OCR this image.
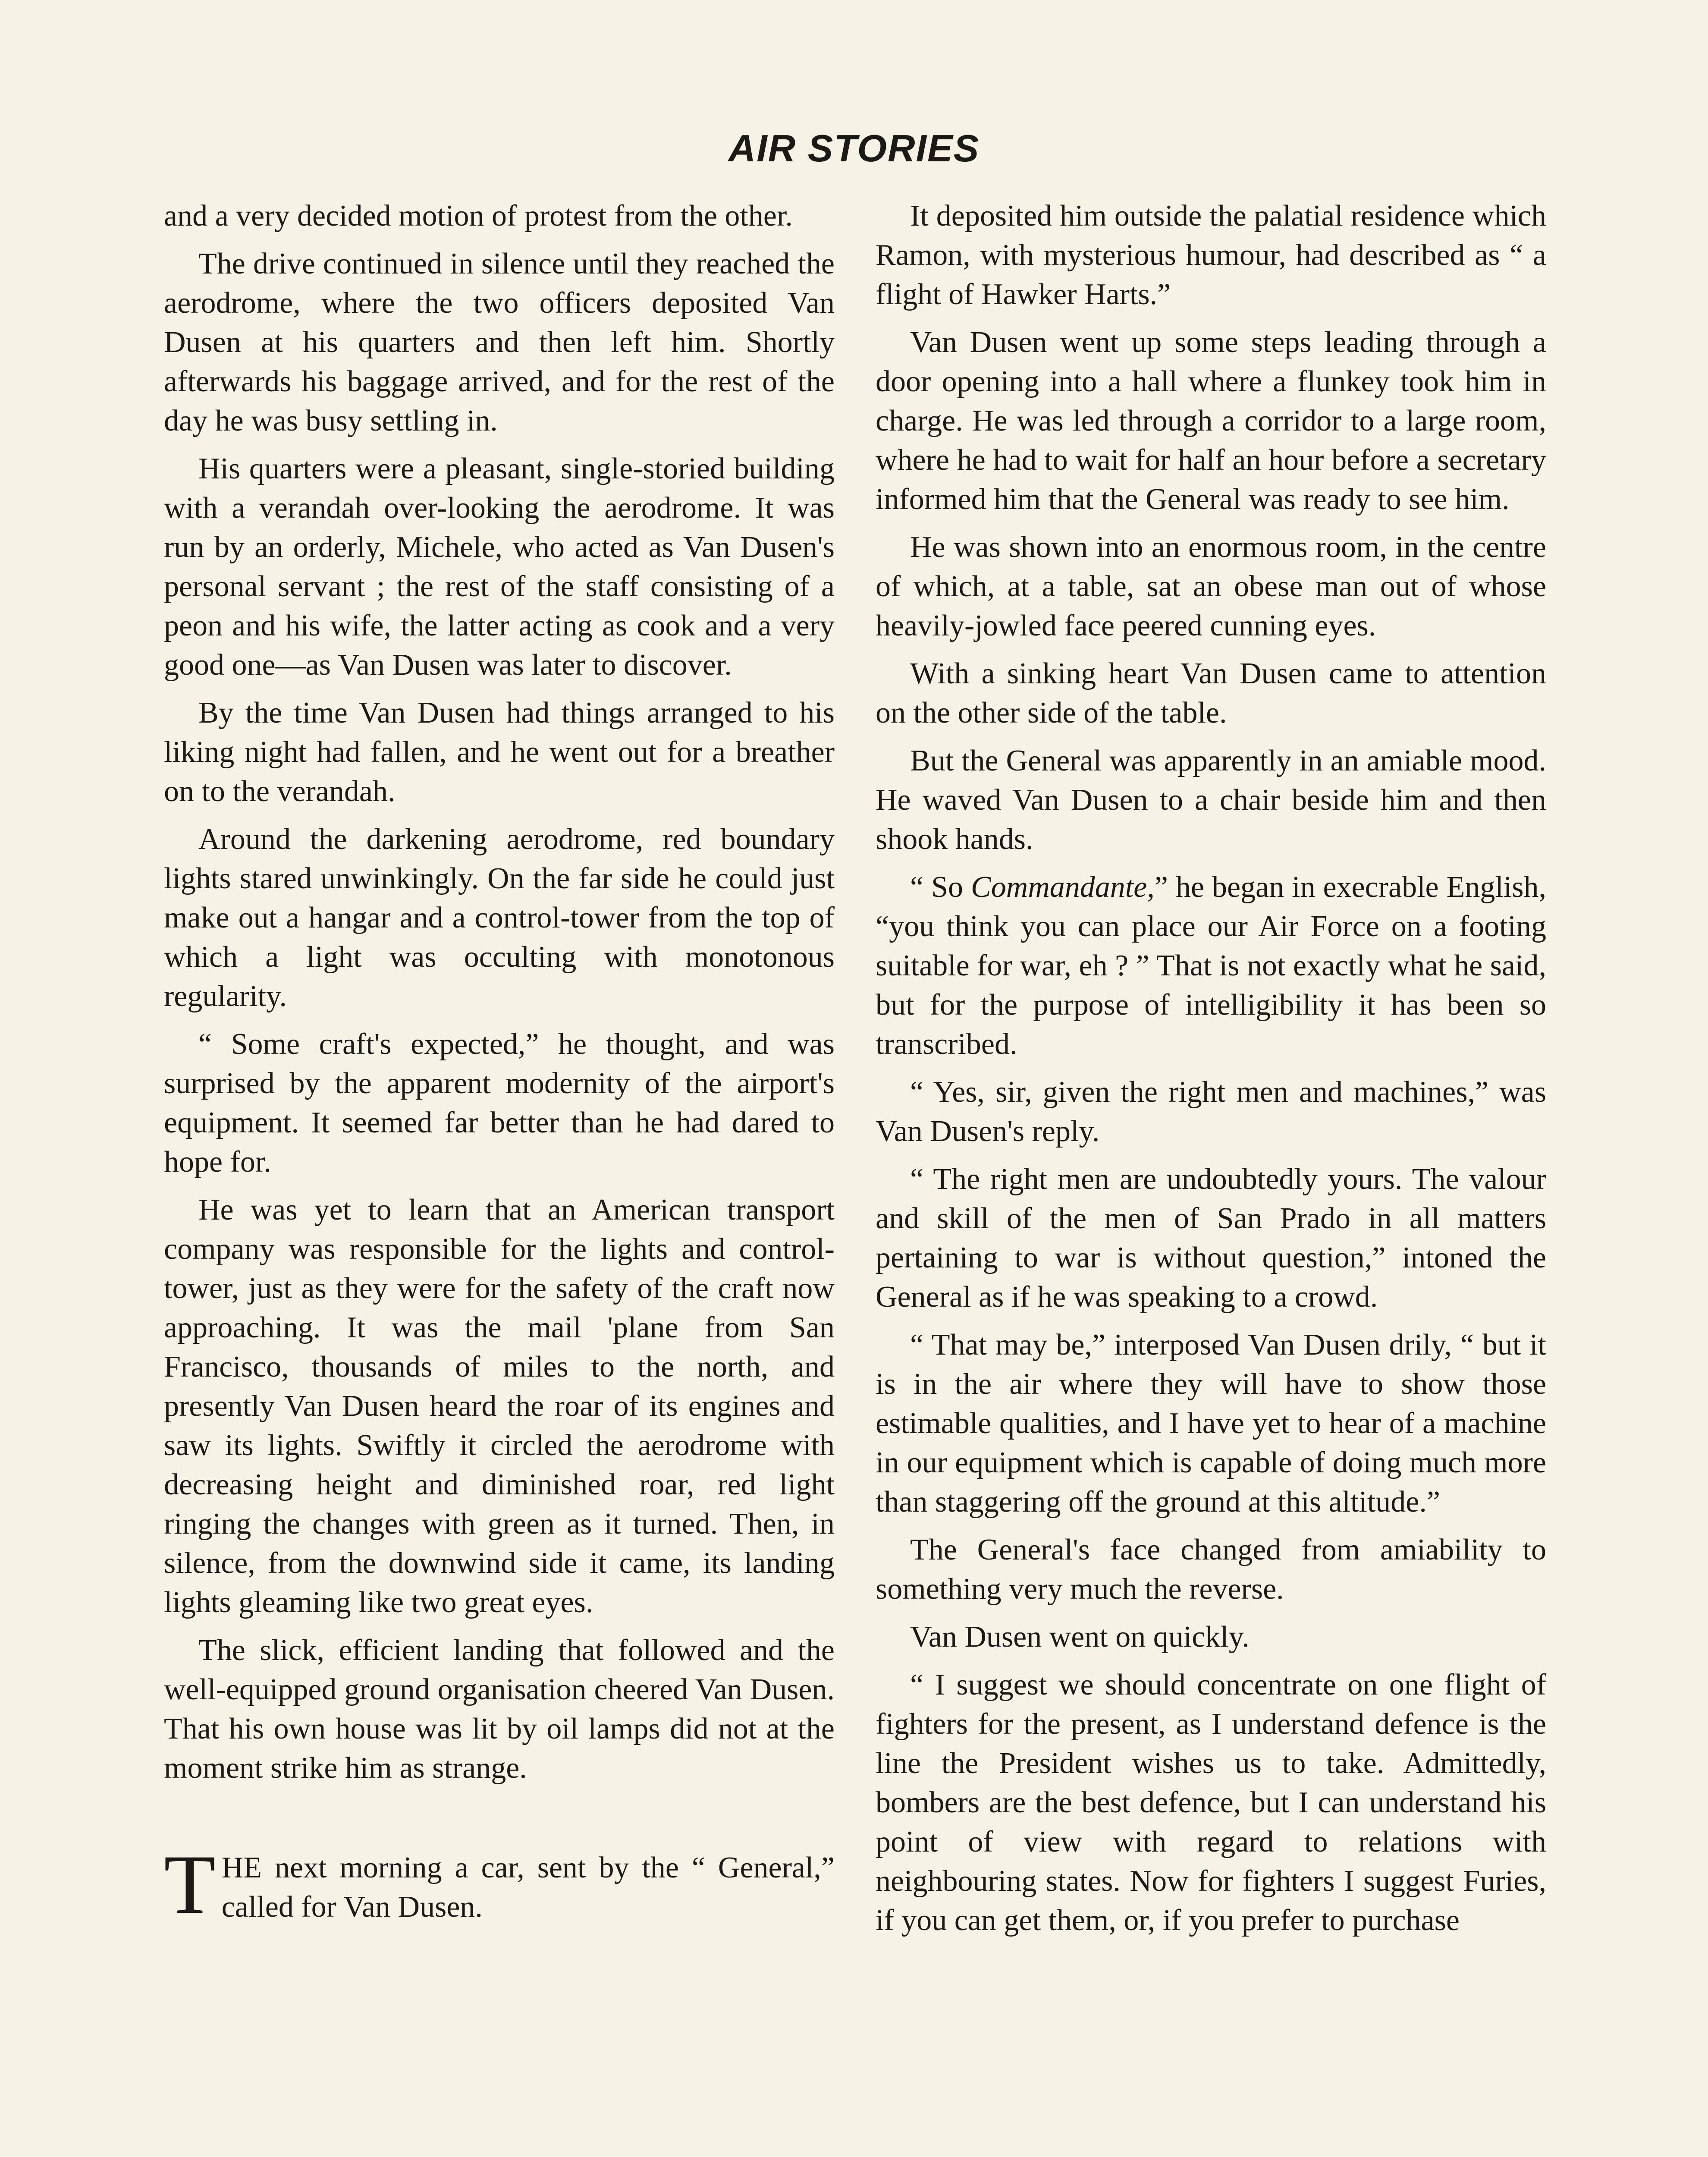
AIR STORIES

and a very decided motion of protest from the other.

The drive continued in silence until they reached the aerodrome, where the two officers deposited Van Dusen at his quarters and then left him. Shortly afterwards his baggage arrived, and for the rest of the day he was busy settling in.

His quarters were a pleasant, single-storied building with a verandah over-looking the aerodrome. It was run by an orderly, Michele, who acted as Van Dusen's personal servant ; the rest of the staff consisting of a peon and his wife, the latter acting as cook and a very good one—as Van Dusen was later to discover.

By the time Van Dusen had things arranged to his liking night had fallen, and he went out for a breather on to the verandah.

Around the darkening aerodrome, red boundary lights stared unwinkingly. On the far side he could just make out a hangar and a control-tower from the top of which a light was occulting with monotonous regularity.

“ Some craft's expected,” he thought, and was surprised by the apparent modernity of the airport's equipment. It seemed far better than he had dared to hope for.

He was yet to learn that an American transport company was responsible for the lights and control-tower, just as they were for the safety of the craft now approaching. It was the mail 'plane from San Francisco, thousands of miles to the north, and presently Van Dusen heard the roar of its engines and saw its lights. Swiftly it circled the aerodrome with decreasing height and diminished roar, red light ringing the changes with green as it turned. Then, in silence, from the downwind side it came, its landing lights gleaming like two great eyes.

The slick, efficient landing that followed and the well-equipped ground organisation cheered Van Dusen. That his own house was lit by oil lamps did not at the moment strike him as strange.

THE next morning a car, sent by the “ General,” called for Van Dusen.

It deposited him outside the palatial residence which Ramon, with mysterious humour, had described as “ a flight of Hawker Harts.”

Van Dusen went up some steps leading through a door opening into a hall where a flunkey took him in charge. He was led through a corridor to a large room, where he had to wait for half an hour before a secretary informed him that the General was ready to see him.

He was shown into an enormous room, in the centre of which, at a table, sat an obese man out of whose heavily-jowled face peered cunning eyes.

With a sinking heart Van Dusen came to attention on the other side of the table.

But the General was apparently in an amiable mood. He waved Van Dusen to a chair beside him and then shook hands.

“ So Commandante,” he began in execrable English, “you think you can place our Air Force on a footing suitable for war, eh ? ” That is not exactly what he said, but for the purpose of intelligibility it has been so transcribed.

“ Yes, sir, given the right men and machines,” was Van Dusen's reply.

“ The right men are undoubtedly yours. The valour and skill of the men of San Prado in all matters pertaining to war is without question,” intoned the General as if he was speaking to a crowd.

“ That may be,” interposed Van Dusen drily, “ but it is in the air where they will have to show those estimable qualities, and I have yet to hear of a machine in our equipment which is capable of doing much more than staggering off the ground at this altitude.”

The General's face changed from amiability to something very much the reverse.

Van Dusen went on quickly.

“ I suggest we should concentrate on one flight of fighters for the present, as I understand defence is the line the President wishes us to take. Admittedly, bombers are the best defence, but I can understand his point of view with regard to relations with neighbouring states. Now for fighters I suggest Furies, if you can get them, or, if you prefer to purchase
